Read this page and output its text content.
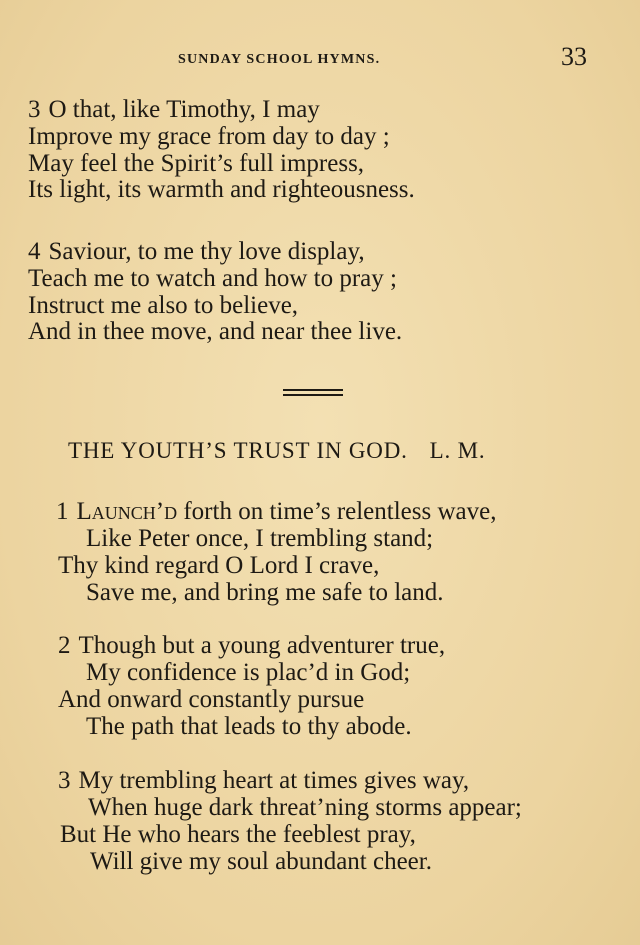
SUNDAY SCHOOL HYMNS.	33
3 O that, like Timothy, I may
Improve my grace from day to day ;
May feel the Spirit’s full impress,
Its light, its warmth and righteousness.
4 Saviour, to me thy love display,
Teach me to watch and how to pray ;
Instruct me also to believe,
And in thee move, and near thee live.
THE YOUTH’S TRUST IN GOD. L. M.
1 Launch’d forth on time’s relentless wave,
Like Peter once, I trembling stand;
Thy kind regard O Lord I crave,
Save me, and bring me safe to land.
2 Though but a young adventurer true,
My confidence is plac’d in God;
And onward constantly pursue
The path that leads to thy abode.
3 My trembling heart at times gives way,
When huge dark threat’ning storms appear;
But He who hears the feeblest pray,
Will give my soul abundant cheer.
